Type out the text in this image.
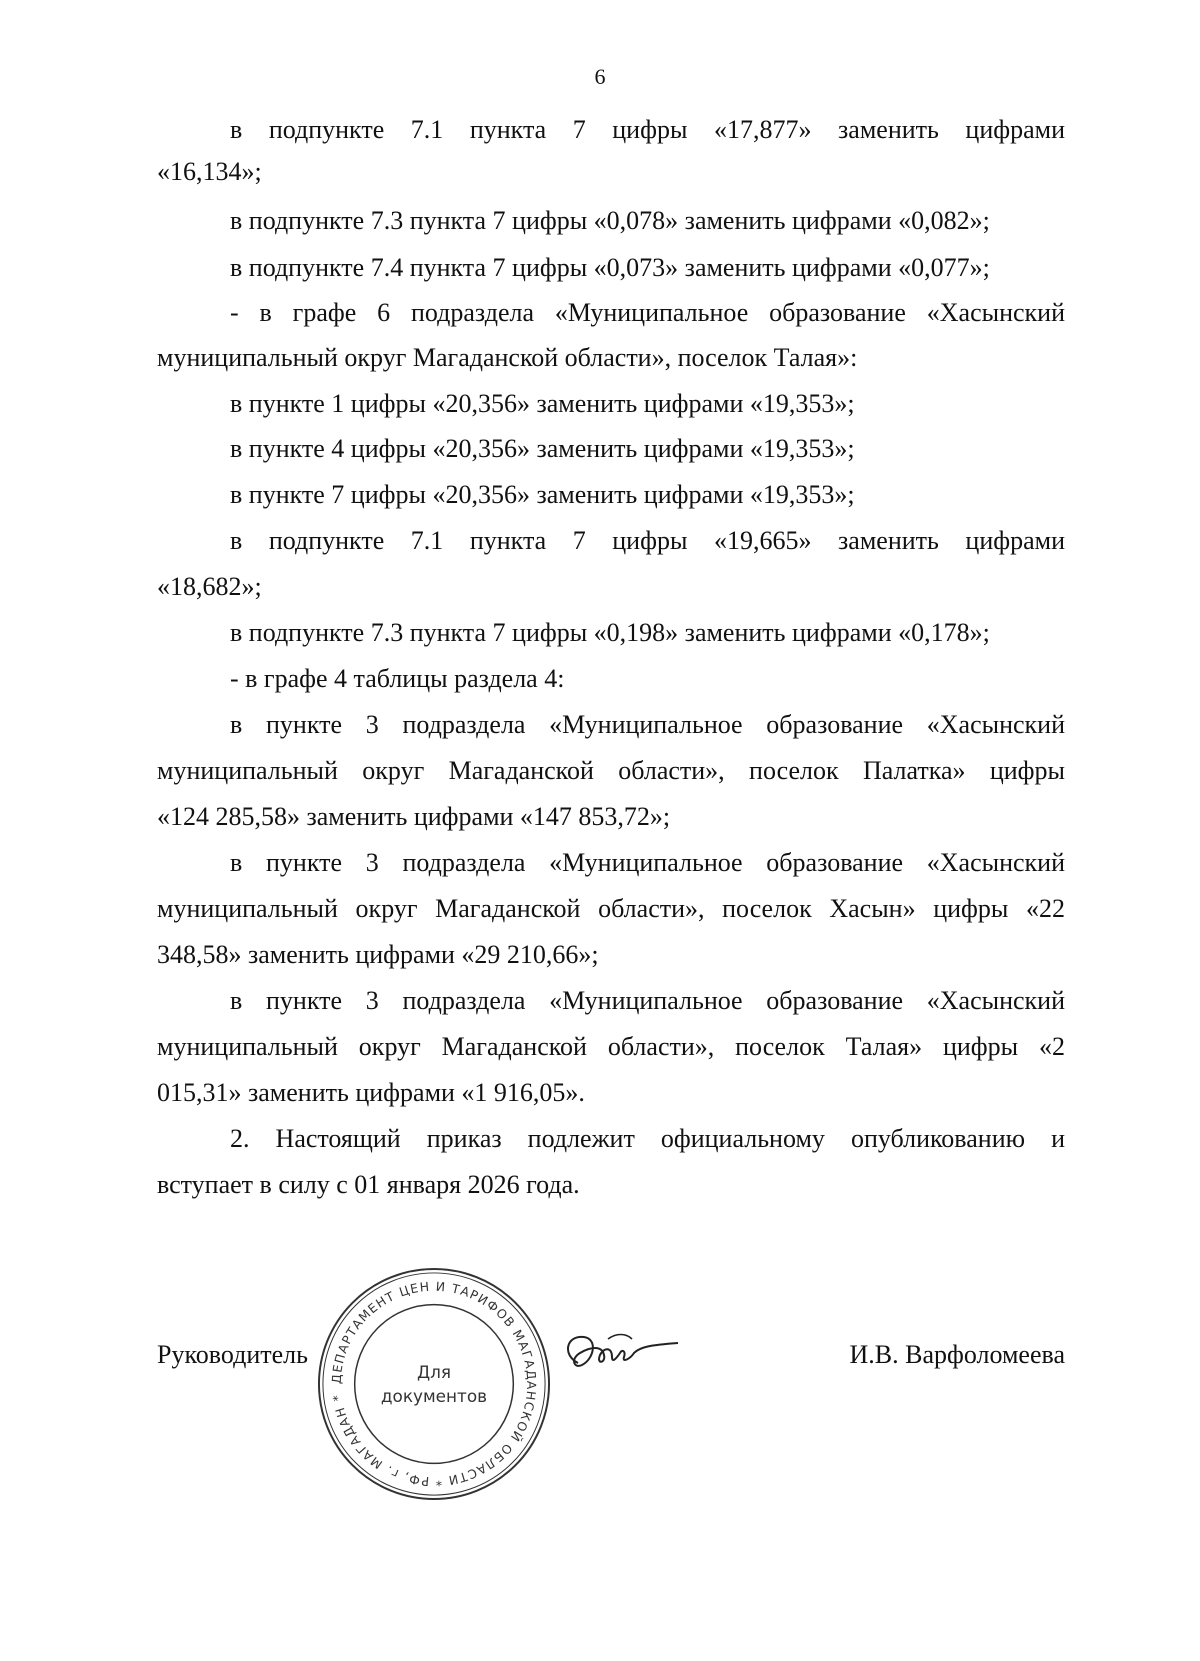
6
в подпункте 7.1 пункта 7 цифры «17,877» заменить цифрами
«16,134»;
в подпункте 7.3 пункта 7 цифры «0,078» заменить цифрами «0,082»;
в подпункте 7.4 пункта 7 цифры «0,073» заменить цифрами «0,077»;
- в графе 6 подраздела «Муниципальное образование «Хасынский
муниципальный округ Магаданской области», поселок Талая»:
в пункте 1 цифры «20,356» заменить цифрами «19,353»;
в пункте 4 цифры «20,356» заменить цифрами «19,353»;
в пункте 7 цифры «20,356» заменить цифрами «19,353»;
в подпункте 7.1 пункта 7 цифры «19,665» заменить цифрами
«18,682»;
в подпункте 7.3 пункта 7 цифры «0,198» заменить цифрами «0,178»;
- в графе 4 таблицы раздела 4:
в пункте 3 подраздела «Муниципальное образование «Хасынский
муниципальный округ Магаданской области», поселок Палатка» цифры
«124 285,58» заменить цифрами «147 853,72»;
в пункте 3 подраздела «Муниципальное образование «Хасынский
муниципальный округ Магаданской области», поселок Хасын» цифры «22
348,58» заменить цифрами «29 210,66»;
в пункте 3 подраздела «Муниципальное образование «Хасынский
муниципальный округ Магаданской области», поселок Талая» цифры «2
015,31» заменить цифрами «1 916,05».
2. Настоящий приказ подлежит официальному опубликованию и
вступает в силу с 01 января 2026 года.
Руководитель
ДЕПАРТАМЕНТ ЦЕН И ТАРИФОВ МАГАДАНСКОЙ ОБЛАСТИ * РФ, г. МАГАДАН *
Для
документов
И.В. Варфоломеева
